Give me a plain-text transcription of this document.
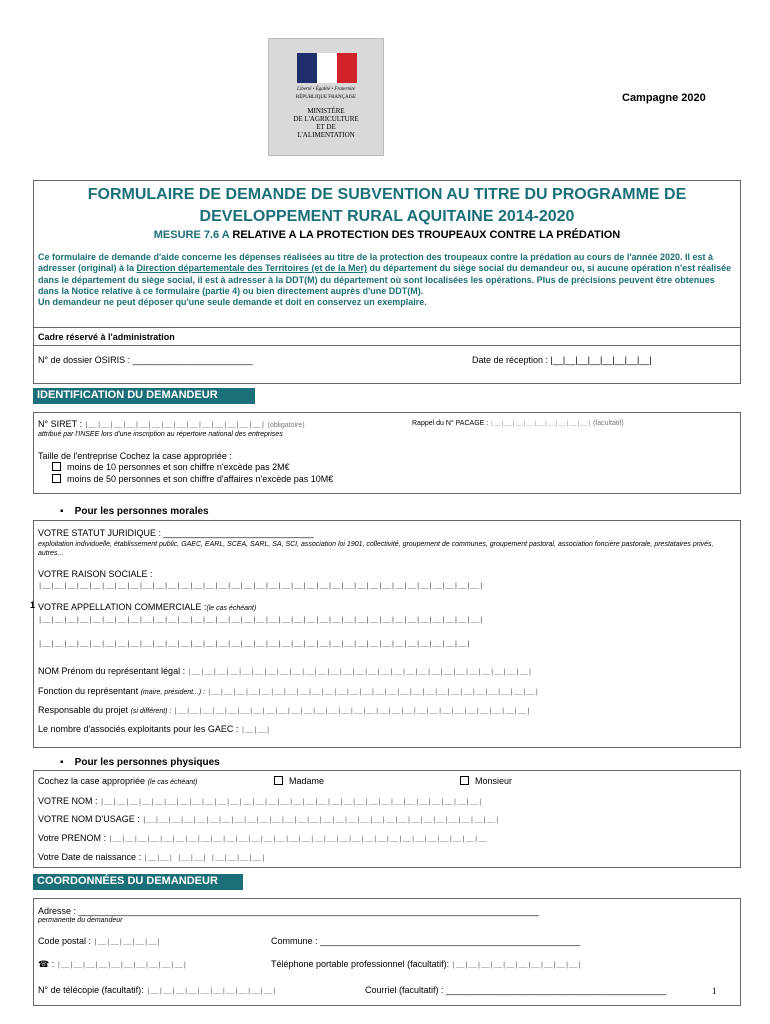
Liberté • Égalité • Fraternité
RÉPUBLIQUE FRANÇAISE
MINISTÈRE
DE L'AGRICULTURE
ET DE
L'ALIMENTATION
Campagne 2020
FORMULAIRE DE DEMANDE DE SUBVENTION AU TITRE DU PROGRAMME DE
DEVELOPPEMENT RURAL AQUITAINE 2014-2020
MESURE 7.6 A RELATIVE A LA PROTECTION DES TROUPEAUX CONTRE LA PRÉDATION
Ce formulaire de demande d'aide concerne les dépenses réalisées au titre de la protection des troupeaux contre la prédation au cours de l'année 2020. Il est à adresser (original) à la Direction départementale des Territoires (et de la Mer) du département du siège social du demandeur ou, si aucune opération n'est réalisée dans le département du siège social, il est à adresser à la DDT(M) du département où sont localisées les opérations. Plus de précisions peuvent être obtenues dans la Notice relative à ce formulaire (partie 4) ou bien directement auprès d'une DDT(M).
Un demandeur ne peut déposer qu'une seule demande et doit en conservez un exemplaire.
Cadre réservé à l'administration
N° de dossier OSIRIS : ________________________	Date de réception : |__|__|__|__|__|__|__|__|
IDENTIFICATION DU DEMANDEUR
N° SIRET : |__|__|__|__|__|__|__|__|__|__|__|__|__|__| (obligatoire)
attribué par l'INSEE lors d'une inscription au répertoire national des entreprises
Rappel du N° PACAGE : |__|__|__|__|__|__|__|__|__| (facultatif)
Taille de l'entreprise Cochez la case appropriée :
moins de 10 personnes et son chiffre n'excède pas 2M€
moins de 50 personnes et son chiffre d'affaires n'excède pas 10M€
▪    Pour les personnes morales
VOTRE STATUT JURIDIQUE : ______________________________
exploitation individuelle, établissement public, GAEC, EARL, SCEA, SARL, SA, SCI, association loi 1901, collectivité, groupement de communes, groupement pastoral, association foncière pastorale, prestataires privés, autres...
VOTRE RAISON SOCIALE :
|__|__|__|__|__|__|__|__|__|__|__|__|__|__|__|__|__|__|__|__|__|__|__|__|__|__|__|__|__|__|__|__|__|__|__|
1 VOTRE APPELLATION COMMERCIALE :(le cas échéant)
|__|__|__|__|__|__|__|__|__|__|__|__|__|__|__|__|__|__|__|__|__|__|__|__|__|__|__|__|__|__|__|__|__|__|__|
|__|__|__|__|__|__|__|__|__|__|__|__|__|__|__|__|__|__|__|__|__|__|__|__|__|__|__|__|__|__|__|__|__|__|
NOM Prénom du représentant légal : |__|__|__|__|__|__|__|__|__|__|__|__|__|__|__|__|__|__|__|__|__|__|__|__|__|__|__|
Fonction du représentant (maire, président...) : |__|__|__|__|__|__|__|__|__|__|__|__|__|__|__|__|__|__|__|__|__|__|__|__|__|__|
Responsable du projet (si différent) : |__|__|__|__|__|__|__|__|__|__|__|__|__|__|__|__|__|__|__|__|__|__|__|__|__|__|__|__|
Le nombre d'associés exploitants pour les GAEC : |__|__|
▪    Pour les personnes physiques
Cochez la case appropriée (le cas échéant)	Madame	Monsieur
VOTRE NOM : |__|__|__|__|__|__|__|__|__|__|__|__|__|__|__|__|__|__|__|__|__|__|__|__|__|__|__|__|__|__|
VOTRE NOM D'USAGE : |__|__|__|__|__|__|__|__|__|__|__|__|__|__|__|__|__|__|__|__|__|__|__|__|__|__|__|__|
Votre PRENOM : |__|__|__|__|__|__|__|__|__|__|__|__|__|__|__|__|__|__|__|__|__|__|__|__|__|__|__|__|__|__
Votre Date de naissance : |__|__| |__|__| |__|__|__|__|
COORDONNÉES DU DEMANDEUR
Adresse : ____________________________________________________________________________________________
permanente du demandeur
Code postal : |__|__|__|__|__|	Commune : ____________________________________________________
☎ : |__|__|__|__|__|__|__|__|__|__|	Téléphone portable professionnel (facultatif): |__|__|__|__|__|__|__|__|__|__|
N° de télécopie (facultatif): |__|__|__|__|__|__|__|__|__|__|	Courriel (facultatif) : ____________________________________________	1
